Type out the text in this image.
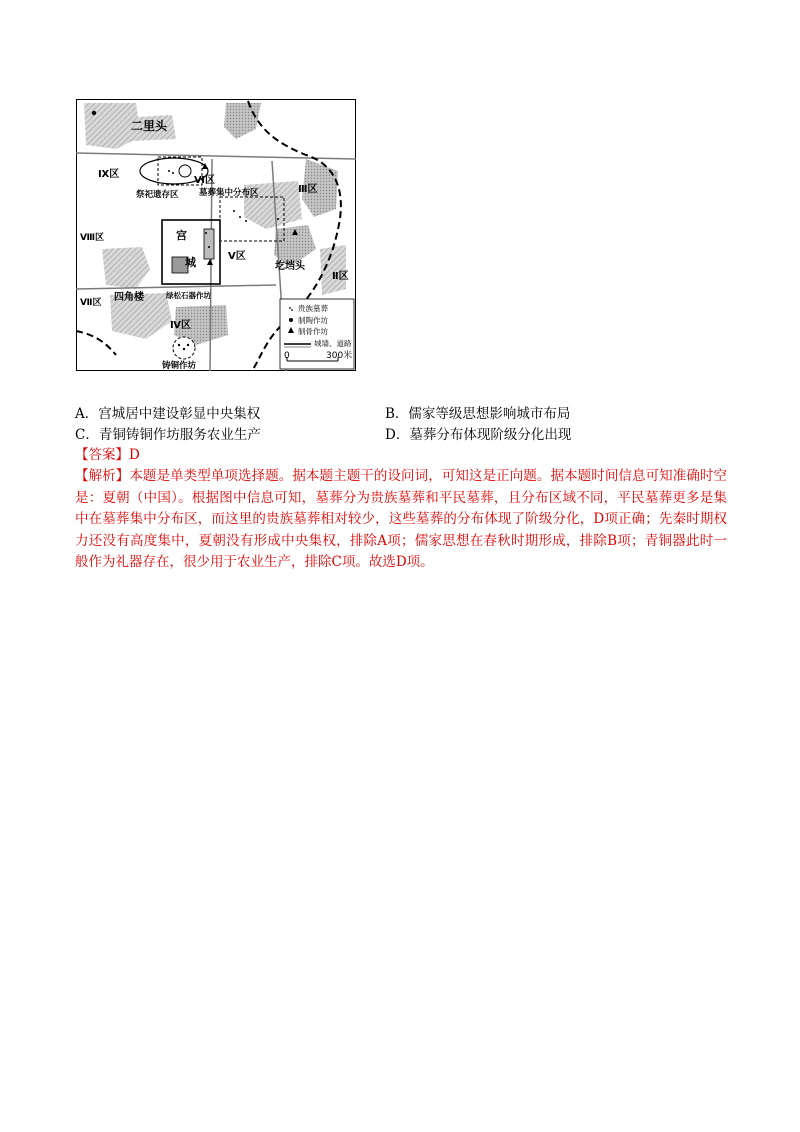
二里头
Ⅸ区
Ⅵ区
Ⅲ区
Ⅷ区
Ⅴ区
Ⅱ区
Ⅶ区
Ⅳ区
祭祀遗存区 墓葬集中分布区
宫
城	圪垱头
四角楼	绿松石器作坊
铸铜作坊
贵族墓葬
制陶作坊
制骨作坊
城墙、道路
0	300米
A．宫城居中建设彰显中央集权	B．儒家等级思想影响城市布局
C．青铜铸铜作坊服务农业生产	D．墓葬分布体现阶级分化出现
【答案】D

【解析】本题是单类型单项选择题。据本题主题干的设问词，可知这是正向题。据本题时间信息可知准确时空是：夏朝（中国）。根据图中信息可知，墓葬分为贵族墓葬和平民墓葬，且分布区域不同，平民墓葬更多是集中在墓葬集中分布区，而这里的贵族墓葬相对较少，这些墓葬的分布体现了阶级分化，D项正确；先秦时期权力还没有高度集中，夏朝没有形成中央集权，排除A项；儒家思想在春秋时期形成，排除B项；青铜器此时一般作为礼器存在，很少用于农业生产，排除C项。故选D项。
